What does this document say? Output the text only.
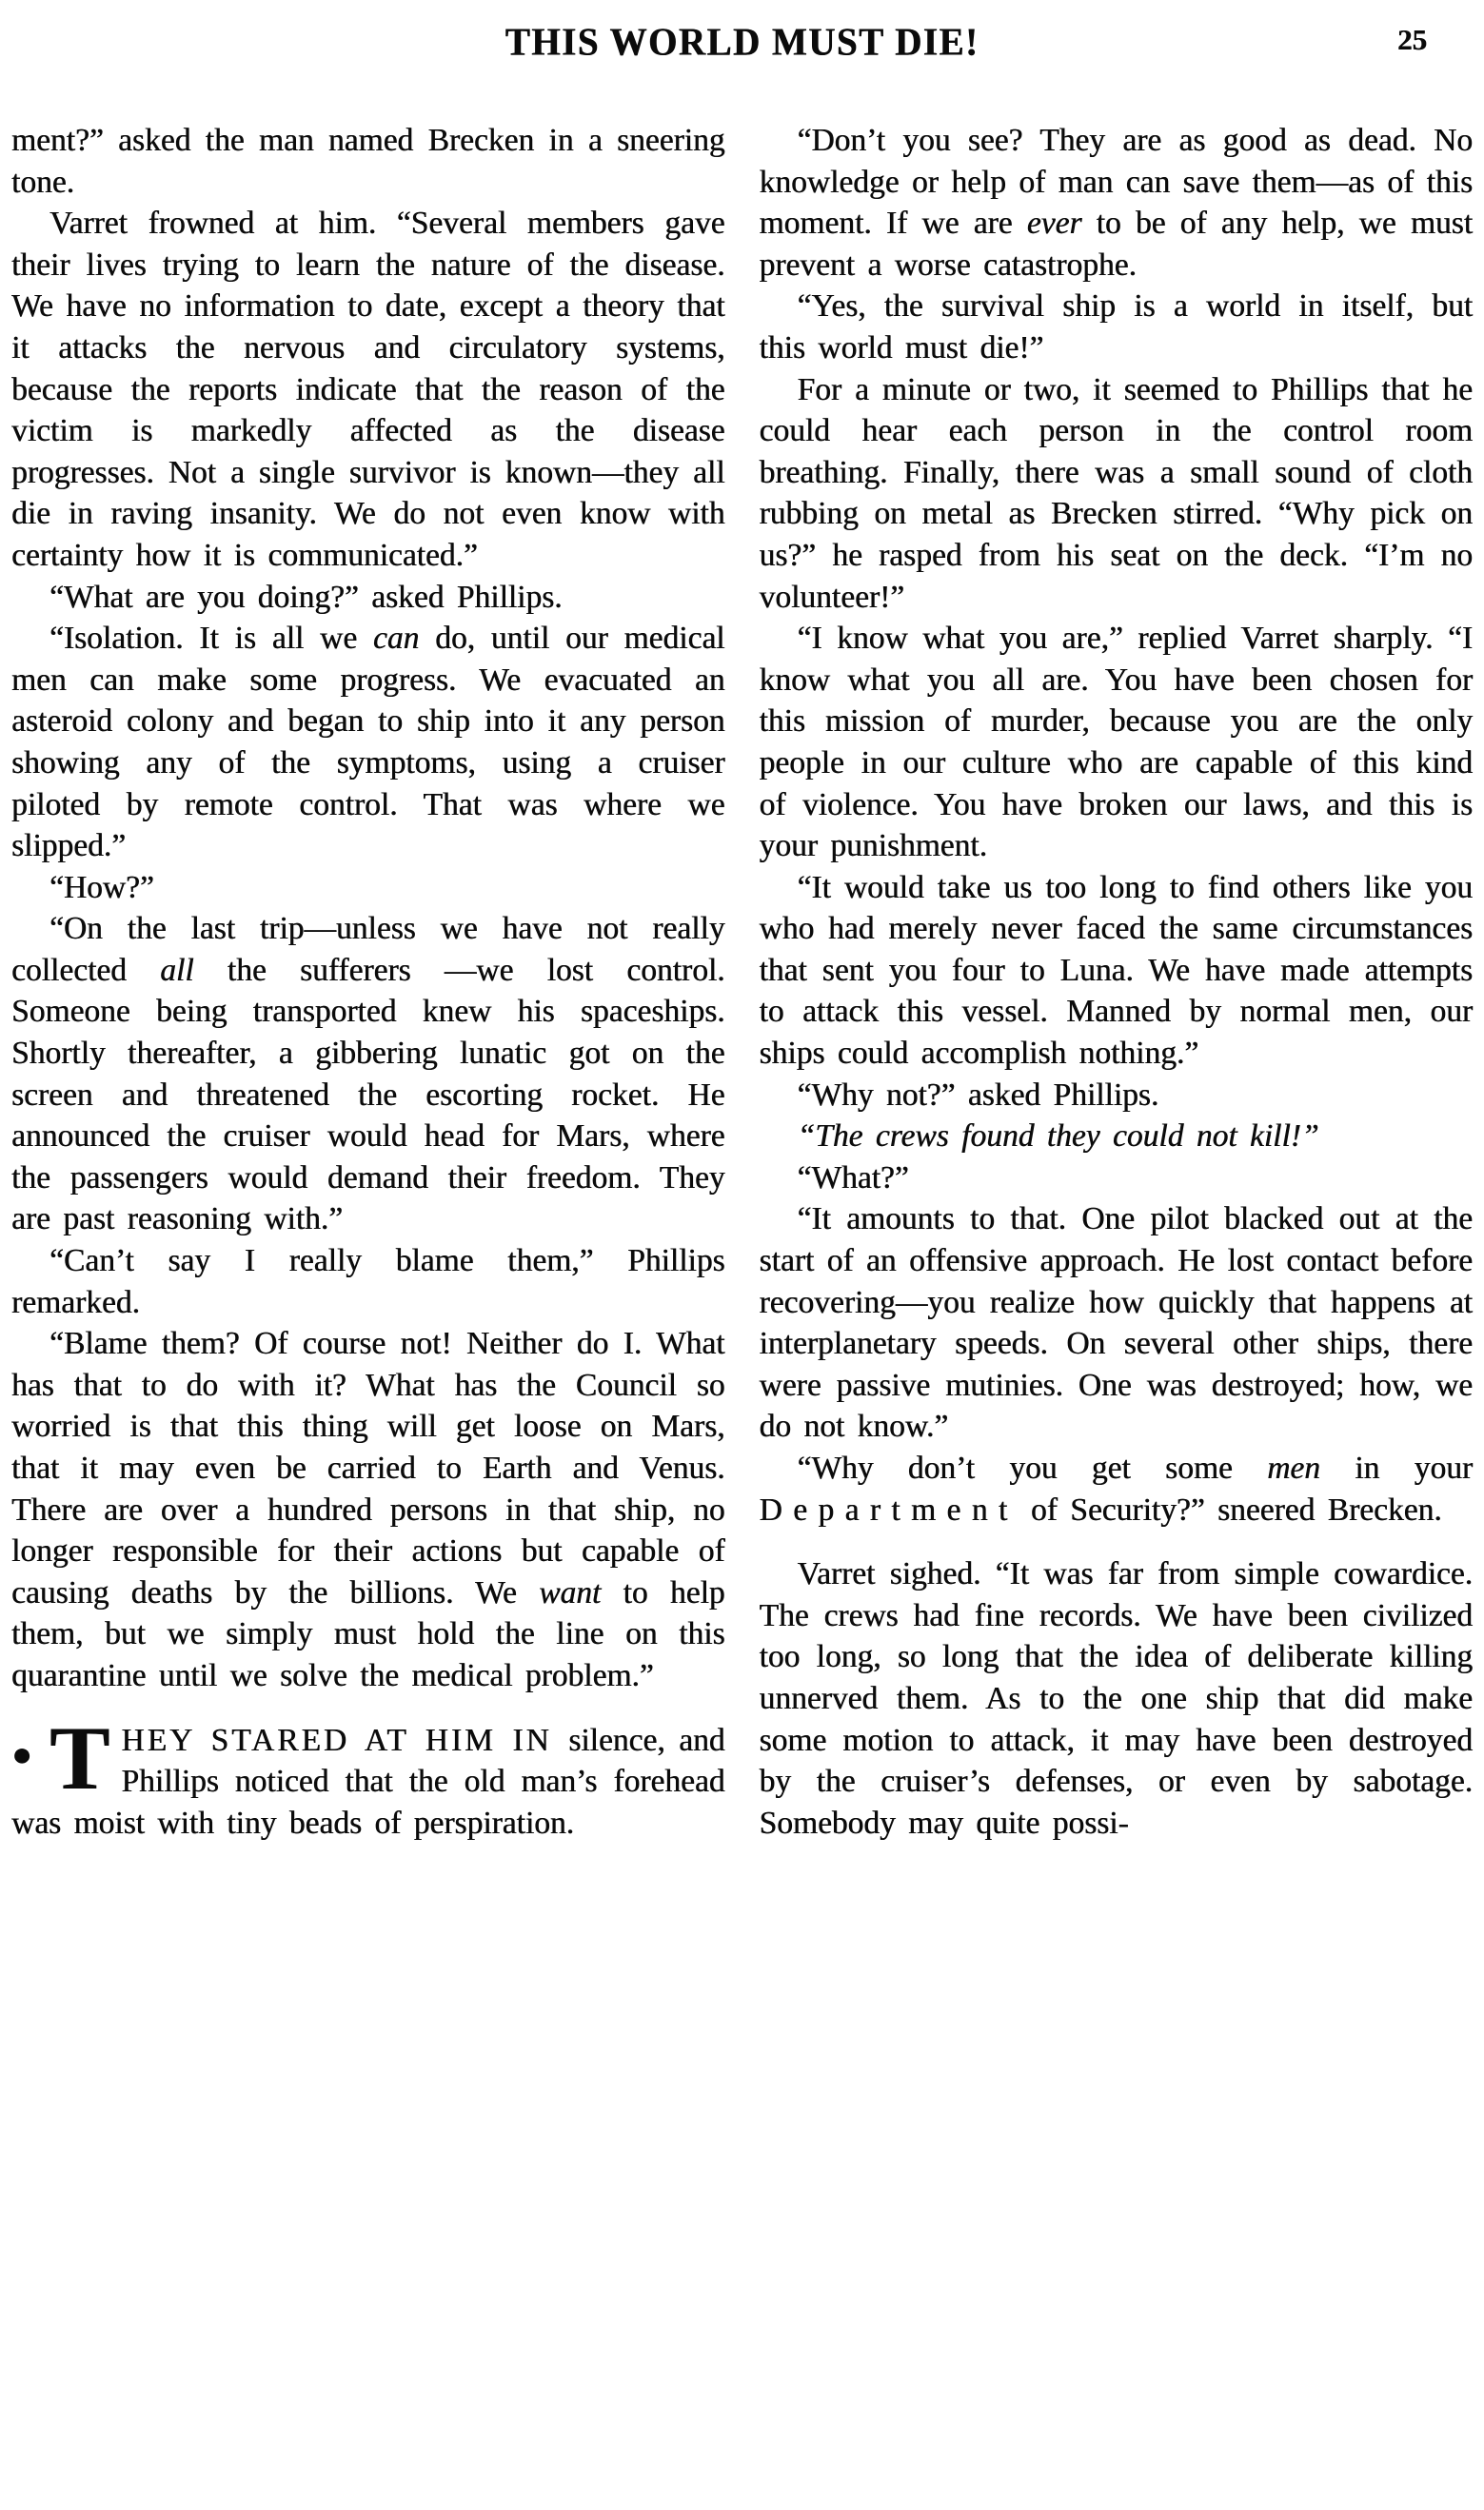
THIS WORLD MUST DIE!	25

ment?” asked the man named Brecken in a sneering tone.

Varret frowned at him. “Several members gave their lives trying to learn the nature of the disease. We have no information to date, except a theory that it attacks the nervous and circulatory systems, because the reports indicate that the reason of the victim is markedly affected as the disease progresses. Not a single survivor is known—they all die in raving insanity. We do not even know with certainty how it is communicated.”

“What are you doing?” asked Phillips.

“Isolation. It is all we can do, until our medical men can make some progress. We evacuated an asteroid colony and began to ship into it any person showing any of the symptoms, using a cruiser piloted by remote control. That was where we slipped.”

“How?”

“On the last trip—unless we have not really collected all the sufferers —we lost control. Someone being transported knew his spaceships. Shortly thereafter, a gibbering lunatic got on the screen and threatened the escorting rocket. He announced the cruiser would head for Mars, where the passengers would demand their freedom. They are past reasoning with.”

“Can’t say I really blame them,” Phillips remarked.

“Blame them? Of course not! Neither do I. What has that to do with it? What has the Council so worried is that this thing will get loose on Mars, that it may even be carried to Earth and Venus. There are over a hundred persons in that ship, no longer responsible for their actions but capable of causing deaths by the billions. We want to help them, but we simply must hold the line on this quarantine until we solve the medical problem.”

● T HEY STARED AT HIM IN silence, and Phillips noticed that the old man’s forehead was moist with tiny beads of perspiration.

“Don’t you see? They are as good as dead. No knowledge or help of man can save them—as of this moment. If we are ever to be of any help, we must prevent a worse catastrophe.

“Yes, the survival ship is a world in itself, but this world must die!”

For a minute or two, it seemed to Phillips that he could hear each person in the control room breathing. Finally, there was a small sound of cloth rubbing on metal as Brecken stirred. “Why pick on us?” he rasped from his seat on the deck. “I’m no volunteer!”

“I know what you are,” replied Varret sharply. “I know what you all are. You have been chosen for this mission of murder, because you are the only people in our culture who are capable of this kind of violence. You have broken our laws, and this is your punishment.

“It would take us too long to find others like you who had merely never faced the same circumstances that sent you four to Luna. We have made attempts to attack this vessel. Manned by normal men, our ships could accomplish nothing.”

“Why not?” asked Phillips.

“The crews found they could not kill!”

“What?”

“It amounts to that. One pilot blacked out at the start of an offensive approach. He lost contact before recovering—you realize how quickly that happens at interplanetary speeds. On several other ships, there were passive mutinies. One was destroyed; how, we do not know.”

“Why don’t you get some men in your Department of Security?” sneered Brecken.

Varret sighed. “It was far from simple cowardice. The crews had fine records. We have been civilized too long, so long that the idea of deliberate killing unnerved them. As to the one ship that did make some motion to attack, it may have been destroyed by the cruiser’s defenses, or even by sabotage. Somebody may quite possi-
